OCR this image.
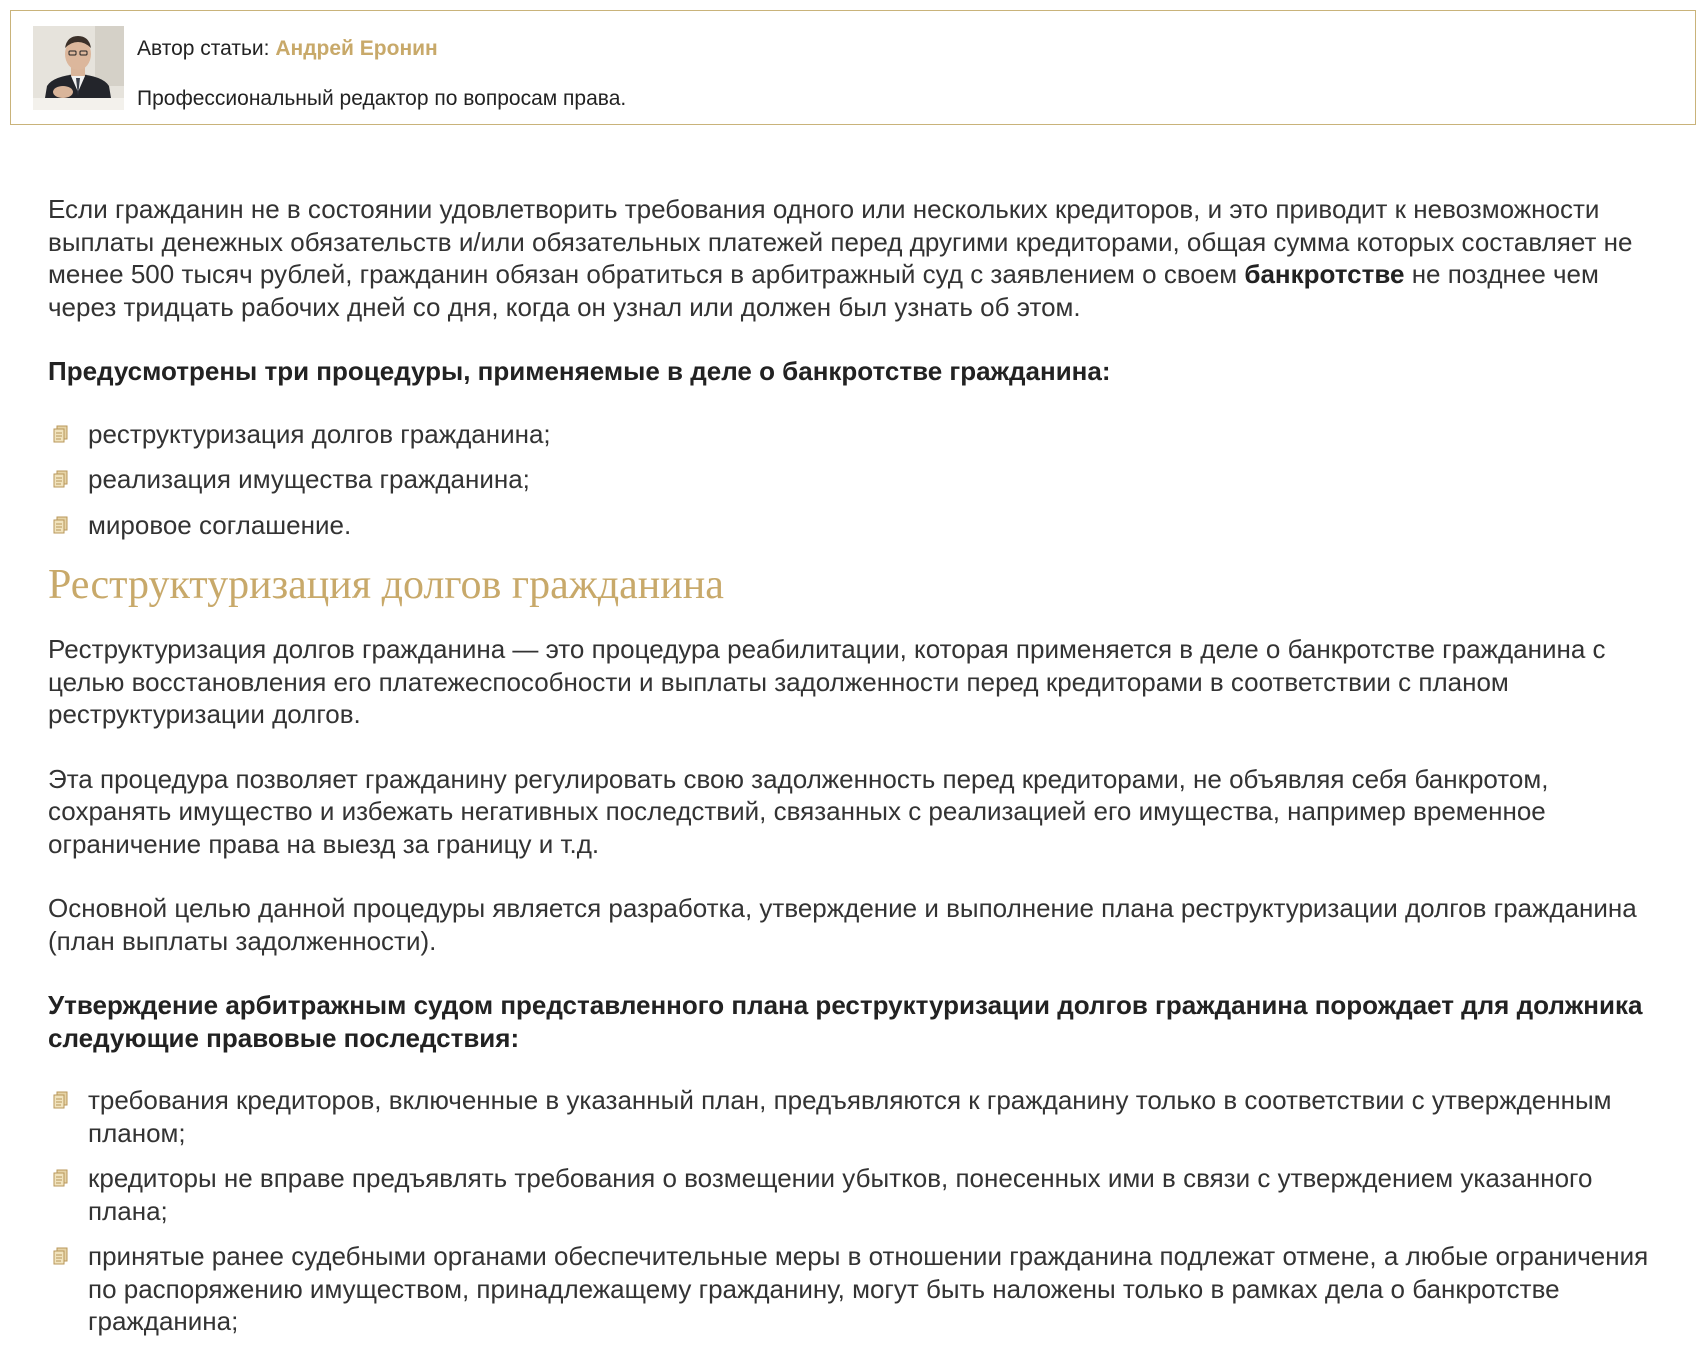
Автор статьи: Андрей Еронин
Профессиональный редактор по вопросам права.

Если гражданин не в состоянии удовлетворить требования одного или нескольких кредиторов, и это приводит к невозможности выплаты денежных обязательств и/или обязательных платежей перед другими кредиторами, общая сумма которых составляет не менее 500 тысяч рублей, гражданин обязан обратиться в арбитражный суд с заявлением о своем банкротстве не позднее чем через тридцать рабочих дней со дня, когда он узнал или должен был узнать об этом.

Предусмотрены три процедуры, применяемые в деле о банкротстве гражданина:

реструктуризация долгов гражданина;
реализация имущества гражданина;
мировое соглашение.
Реструктуризация долгов гражданина

Реструктуризация долгов гражданина — это процедура реабилитации, которая применяется в деле о банкротстве гражданина с целью восстановления его платежеспособности и выплаты задолженности перед кредиторами в соответствии с планом реструктуризации долгов.

Эта процедура позволяет гражданину регулировать свою задолженность перед кредиторами, не объявляя себя банкротом, сохранять имущество и избежать негативных последствий, связанных с реализацией его имущества, например временное ограничение права на выезд за границу и т.д.

Основной целью данной процедуры является разработка, утверждение и выполнение плана реструктуризации долгов гражданина (план выплаты задолженности).

Утверждение арбитражным судом представленного плана реструктуризации долгов гражданина порождает для должника следующие правовые последствия:

требования кредиторов, включенные в указанный план, предъявляются к гражданину только в соответствии с утвержденным планом;
кредиторы не вправе предъявлять требования о возмещении убытков, понесенных ими в связи с утверждением указанного плана;
принятые ранее судебными органами обеспечительные меры в отношении гражданина подлежат отмене, а любые ограничения по распоряжению имуществом, принадлежащему гражданину, могут быть наложены только в рамках дела о банкротстве гражданина;
